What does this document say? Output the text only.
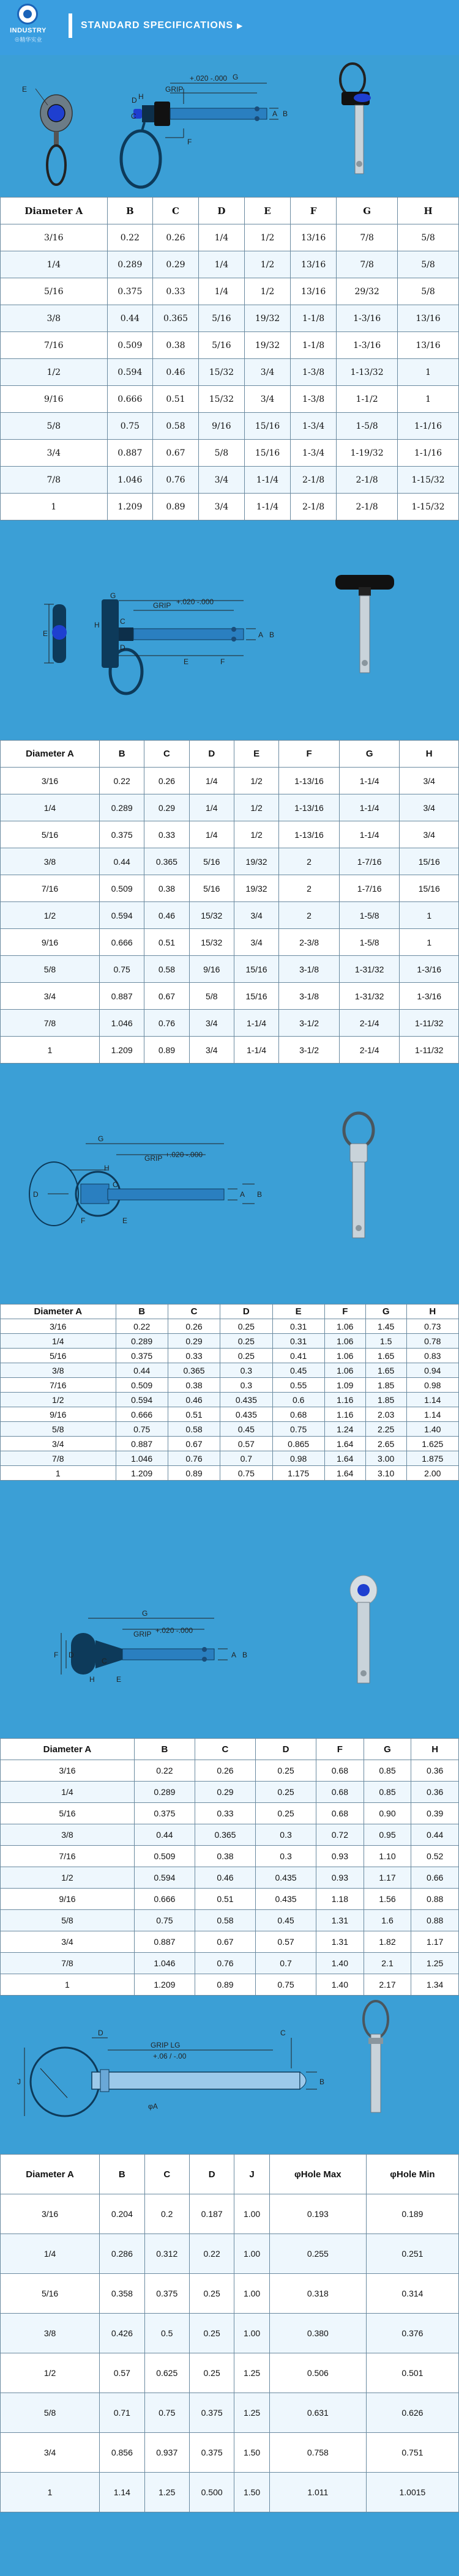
INDUSTRY
⊕精华实业
STANDARD SPECIFICATIONS ▶
E	GRIP
+.020 -.000
D
A B
C
H
G
F
Diameter A	B	C	D	E	F	G	H
3/16	0.22	0.26	1/4	1/2	13/16	7/8	5/8
1/4	0.289	0.29	1/4	1/2	13/16	7/8	5/8
5/16	0.375	0.33	1/4	1/2	13/16	29/32	5/8
3/8	0.44	0.365	5/16	19/32	1-1/8	1-3/16	13/16
7/16	0.509	0.38	5/16	19/32	1-1/8	1-3/16	13/16
1/2	0.594	0.46	15/32	3/4	1-3/8	1-13/32	1
9/16	0.666	0.51	15/32	3/4	1-3/8	1-1/2	1
5/8	0.75	0.58	9/16	15/16	1-3/4	1-5/8	1-1/16
3/4	0.887	0.67	5/8	15/16	1-3/4	1-19/32	1-1/16
7/8	1.046	0.76	3/4	1-1/4	2-1/8	2-1/8	1-15/32
1	1.209	0.89	3/4	1-1/4	2-1/8	2-1/8	1-15/32
E
G
GRIP +.020 -.000
H
A B
C
D
E	F
Diameter A	B	C	D	E	F	G	H
3/16	0.22	0.26	1/4	1/2	1-13/16	1-1/4	3/4
1/4	0.289	0.29	1/4	1/2	1-13/16	1-1/4	3/4
5/16	0.375	0.33	1/4	1/2	1-13/16	1-1/4	3/4
3/8	0.44	0.365	5/16	19/32	2	1-7/16	15/16
7/16	0.509	0.38	5/16	19/32	2	1-7/16	15/16
1/2	0.594	0.46	15/32	3/4	2	1-5/8	1
9/16	0.666	0.51	15/32	3/4	2-3/8	1-5/8	1
5/8	0.75	0.58	9/16	15/16	3-1/8	1-31/32	1-3/16
3/4	0.887	0.67	5/8	15/16	3-1/8	1-31/32	1-3/16
7/8	1.046	0.76	3/4	1-1/4	3-1/2	2-1/4	1-11/32
1	1.209	0.89	3/4	1-1/4	3-1/2	2-1/4	1-11/32
H
G
GRIP +.020 -.000
A B
C
D
E
F
Diameter A	B	C	D	E	F	G	H
3/16	0.22	0.26	0.25	0.31	1.06	1.45	0.73
1/4	0.289	0.29	0.25	0.31	1.06	1.5	0.78
5/16	0.375	0.33	0.25	0.41	1.06	1.65	0.83
3/8	0.44	0.365	0.3	0.45	1.06	1.65	0.94
7/16	0.509	0.38	0.3	0.55	1.09	1.85	0.98
1/2	0.594	0.46	0.435	0.6	1.16	1.85	1.14
9/16	0.666	0.51	0.435	0.68	1.16	2.03	1.14
5/8	0.75	0.58	0.45	0.75	1.24	2.25	1.40
3/4	0.887	0.67	0.57	0.865	1.64	2.65	1.625
7/8	1.046	0.76	0.7	0.98	1.64	3.00	1.875
1	1.209	0.89	0.75	1.175	1.64	3.10	2.00
G
GRIP +.020 -.000
A B
C
D
E
F
H
Diameter A	B	C	D	F	G	H
3/16	0.22	0.26	0.25	0.68	0.85	0.36
1/4	0.289	0.29	0.25	0.68	0.85	0.36
5/16	0.375	0.33	0.25	0.68	0.90	0.39
3/8	0.44	0.365	0.3	0.72	0.95	0.44
7/16	0.509	0.38	0.3	0.93	1.10	0.52
1/2	0.594	0.46	0.435	0.93	1.17	0.66
9/16	0.666	0.51	0.435	1.18	1.56	0.88
5/8	0.75	0.58	0.45	1.31	1.6	0.88
3/4	0.887	0.67	0.57	1.31	1.82	1.17
7/8	1.046	0.76	0.7	1.40	2.1	1.25
1	1.209	0.89	0.75	1.40	2.17	1.34
GRIP LG
+.06 / -.00
D	C
J	B
φA
Diameter A	B	C	D	J	φHole Max	φHole Min
3/16	0.204	0.2	0.187	1.00	0.193	0.189
1/4	0.286	0.312	0.22	1.00	0.255	0.251
5/16	0.358	0.375	0.25	1.00	0.318	0.314
3/8	0.426	0.5	0.25	1.00	0.380	0.376
1/2	0.57	0.625	0.25	1.25	0.506	0.501
5/8	0.71	0.75	0.375	1.25	0.631	0.626
3/4	0.856	0.937	0.375	1.50	0.758	0.751
1	1.14	1.25	0.500	1.50	1.011	1.0015
